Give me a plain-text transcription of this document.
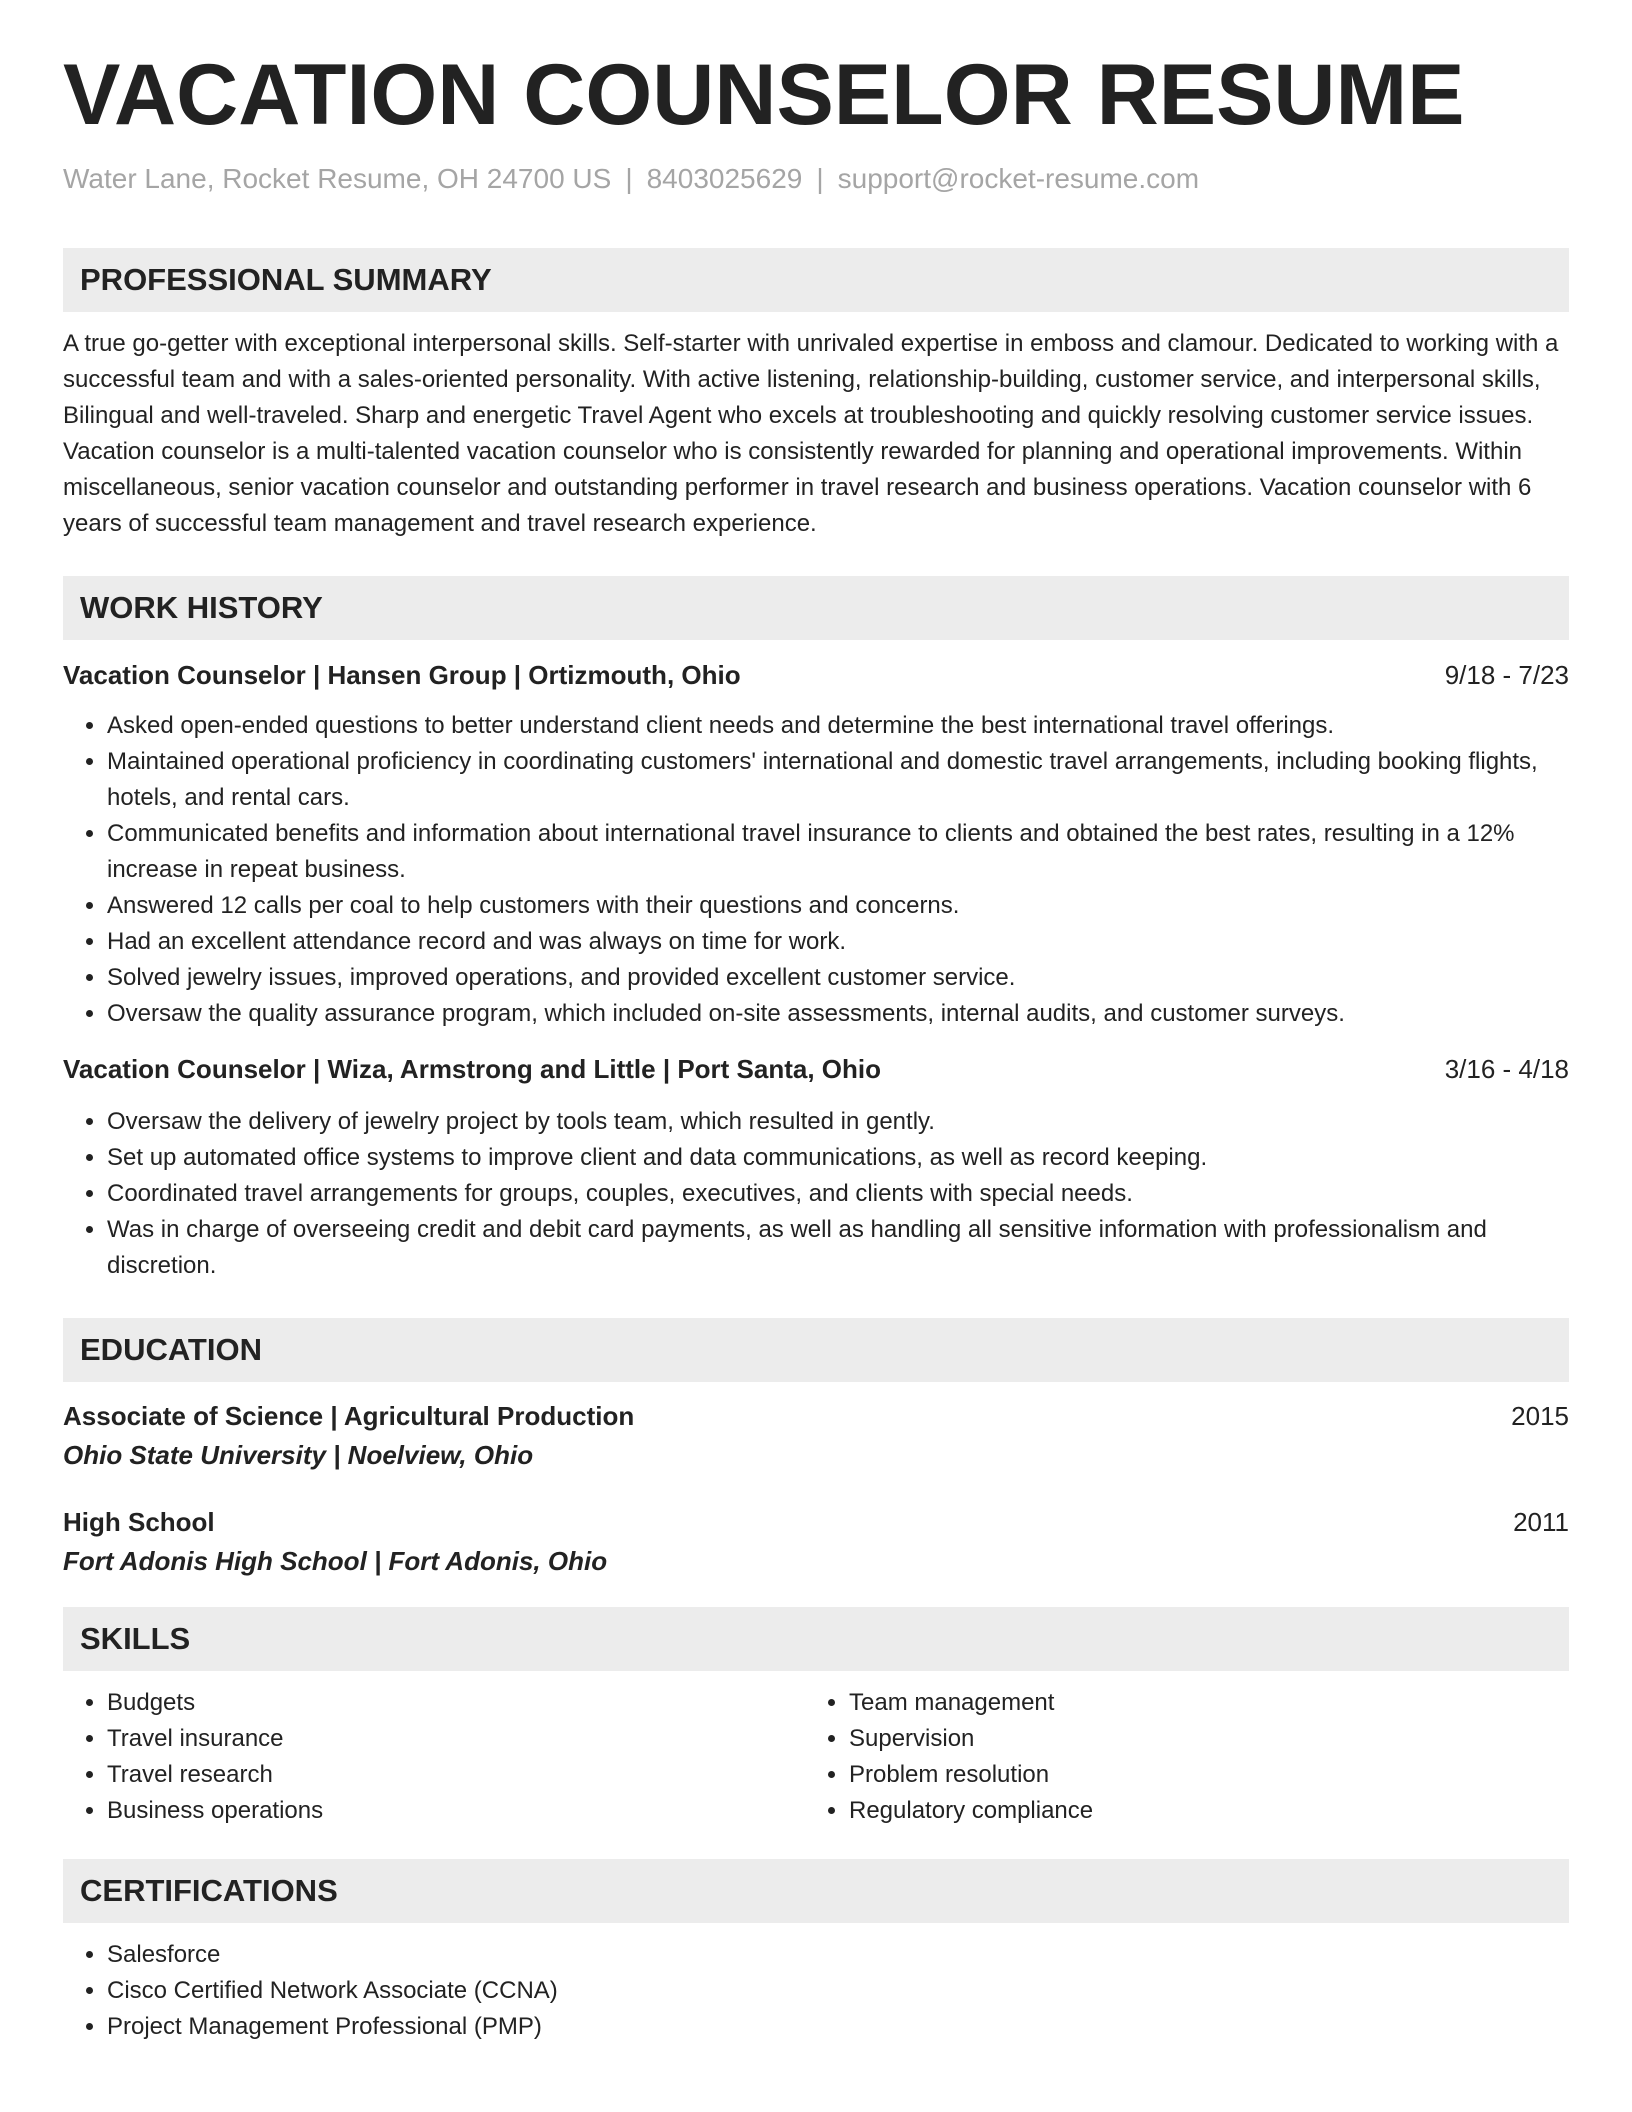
VACATION COUNSELOR RESUME
Water Lane, Rocket Resume, OH 24700 US | 8403025629 | support@rocket-resume.com
PROFESSIONAL SUMMARY

A true go-getter with exceptional interpersonal skills. Self-starter with unrivaled expertise in emboss and clamour. Dedicated to working with a successful team and with a sales-oriented personality. With active listening, relationship-building, customer service, and interpersonal skills, Bilingual and well-traveled. Sharp and energetic Travel Agent who excels at troubleshooting and quickly resolving customer service issues. Vacation counselor is a multi-talented vacation counselor who is consistently rewarded for planning and operational improvements. Within miscellaneous, senior vacation counselor and outstanding performer in travel research and business operations. Vacation counselor with 6 years of successful team management and travel research experience.

WORK HISTORY
Vacation Counselor | Hansen Group | Ortizmouth, Ohio	9/18 - 7/23
• Asked open-ended questions to better understand client needs and determine the best international travel offerings.
• Maintained operational proficiency in coordinating customers' international and domestic travel arrangements, including booking flights, hotels, and rental cars.
• Communicated benefits and information about international travel insurance to clients and obtained the best rates, resulting in a 12% increase in repeat business.
• Answered 12 calls per coal to help customers with their questions and concerns.
• Had an excellent attendance record and was always on time for work.
• Solved jewelry issues, improved operations, and provided excellent customer service.
• Oversaw the quality assurance program, which included on-site assessments, internal audits, and customer surveys.
Vacation Counselor | Wiza, Armstrong and Little | Port Santa, Ohio	3/16 - 4/18
• Oversaw the delivery of jewelry project by tools team, which resulted in gently.
• Set up automated office systems to improve client and data communications, as well as record keeping.
• Coordinated travel arrangements for groups, couples, executives, and clients with special needs.
• Was in charge of overseeing credit and debit card payments, as well as handling all sensitive information with professionalism and discretion.
EDUCATION
Associate of Science | Agricultural Production	2015
Ohio State University | Noelview, Ohio
High School	2011
Fort Adonis High School | Fort Adonis, Ohio
SKILLS
• Budgets
• Travel insurance
• Travel research
• Business operations
• Team management
• Supervision
• Problem resolution
• Regulatory compliance
CERTIFICATIONS
• Salesforce
• Cisco Certified Network Associate (CCNA)
• Project Management Professional (PMP)
